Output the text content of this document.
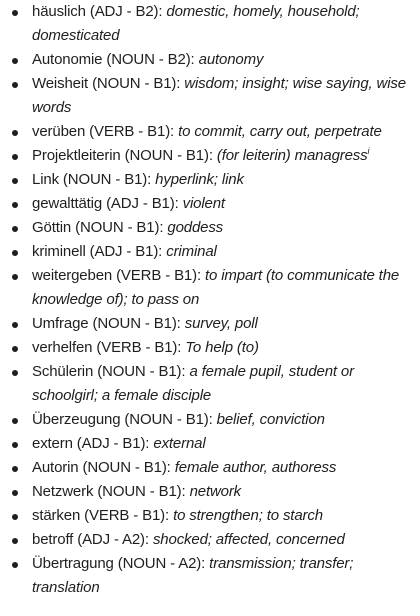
häuslich (ADJ - B2): domestic, homely, household; domesticated
Autonomie (NOUN - B2): autonomy
Weisheit (NOUN - B1): wisdom; insight; wise saying, wise words
verüben (VERB - B1): to commit, carry out, perpetrate
Projektleiterin (NOUN - B1): (for leiterin) managress$^i$
Link (NOUN - B1): hyperlink; link
gewalttätig (ADJ - B1): violent
Göttin (NOUN - B1): goddess
kriminell (ADJ - B1): criminal
weitergeben (VERB - B1): to impart (to communicate the knowledge of); to pass on
Umfrage (NOUN - B1): survey, poll
verhelfen (VERB - B1): To help (to)
Schülerin (NOUN - B1): a female pupil, student or schoolgirl; a female disciple
Überzeugung (NOUN - B1): belief, conviction
extern (ADJ - B1): external
Autorin (NOUN - B1): female author, authoress
Netzwerk (NOUN - B1): network
stärken (VERB - B1): to strengthen; to starch
betroff (ADJ - A2): shocked; affected, concerned
Übertragung (NOUN - A2): transmission; transfer; translation
